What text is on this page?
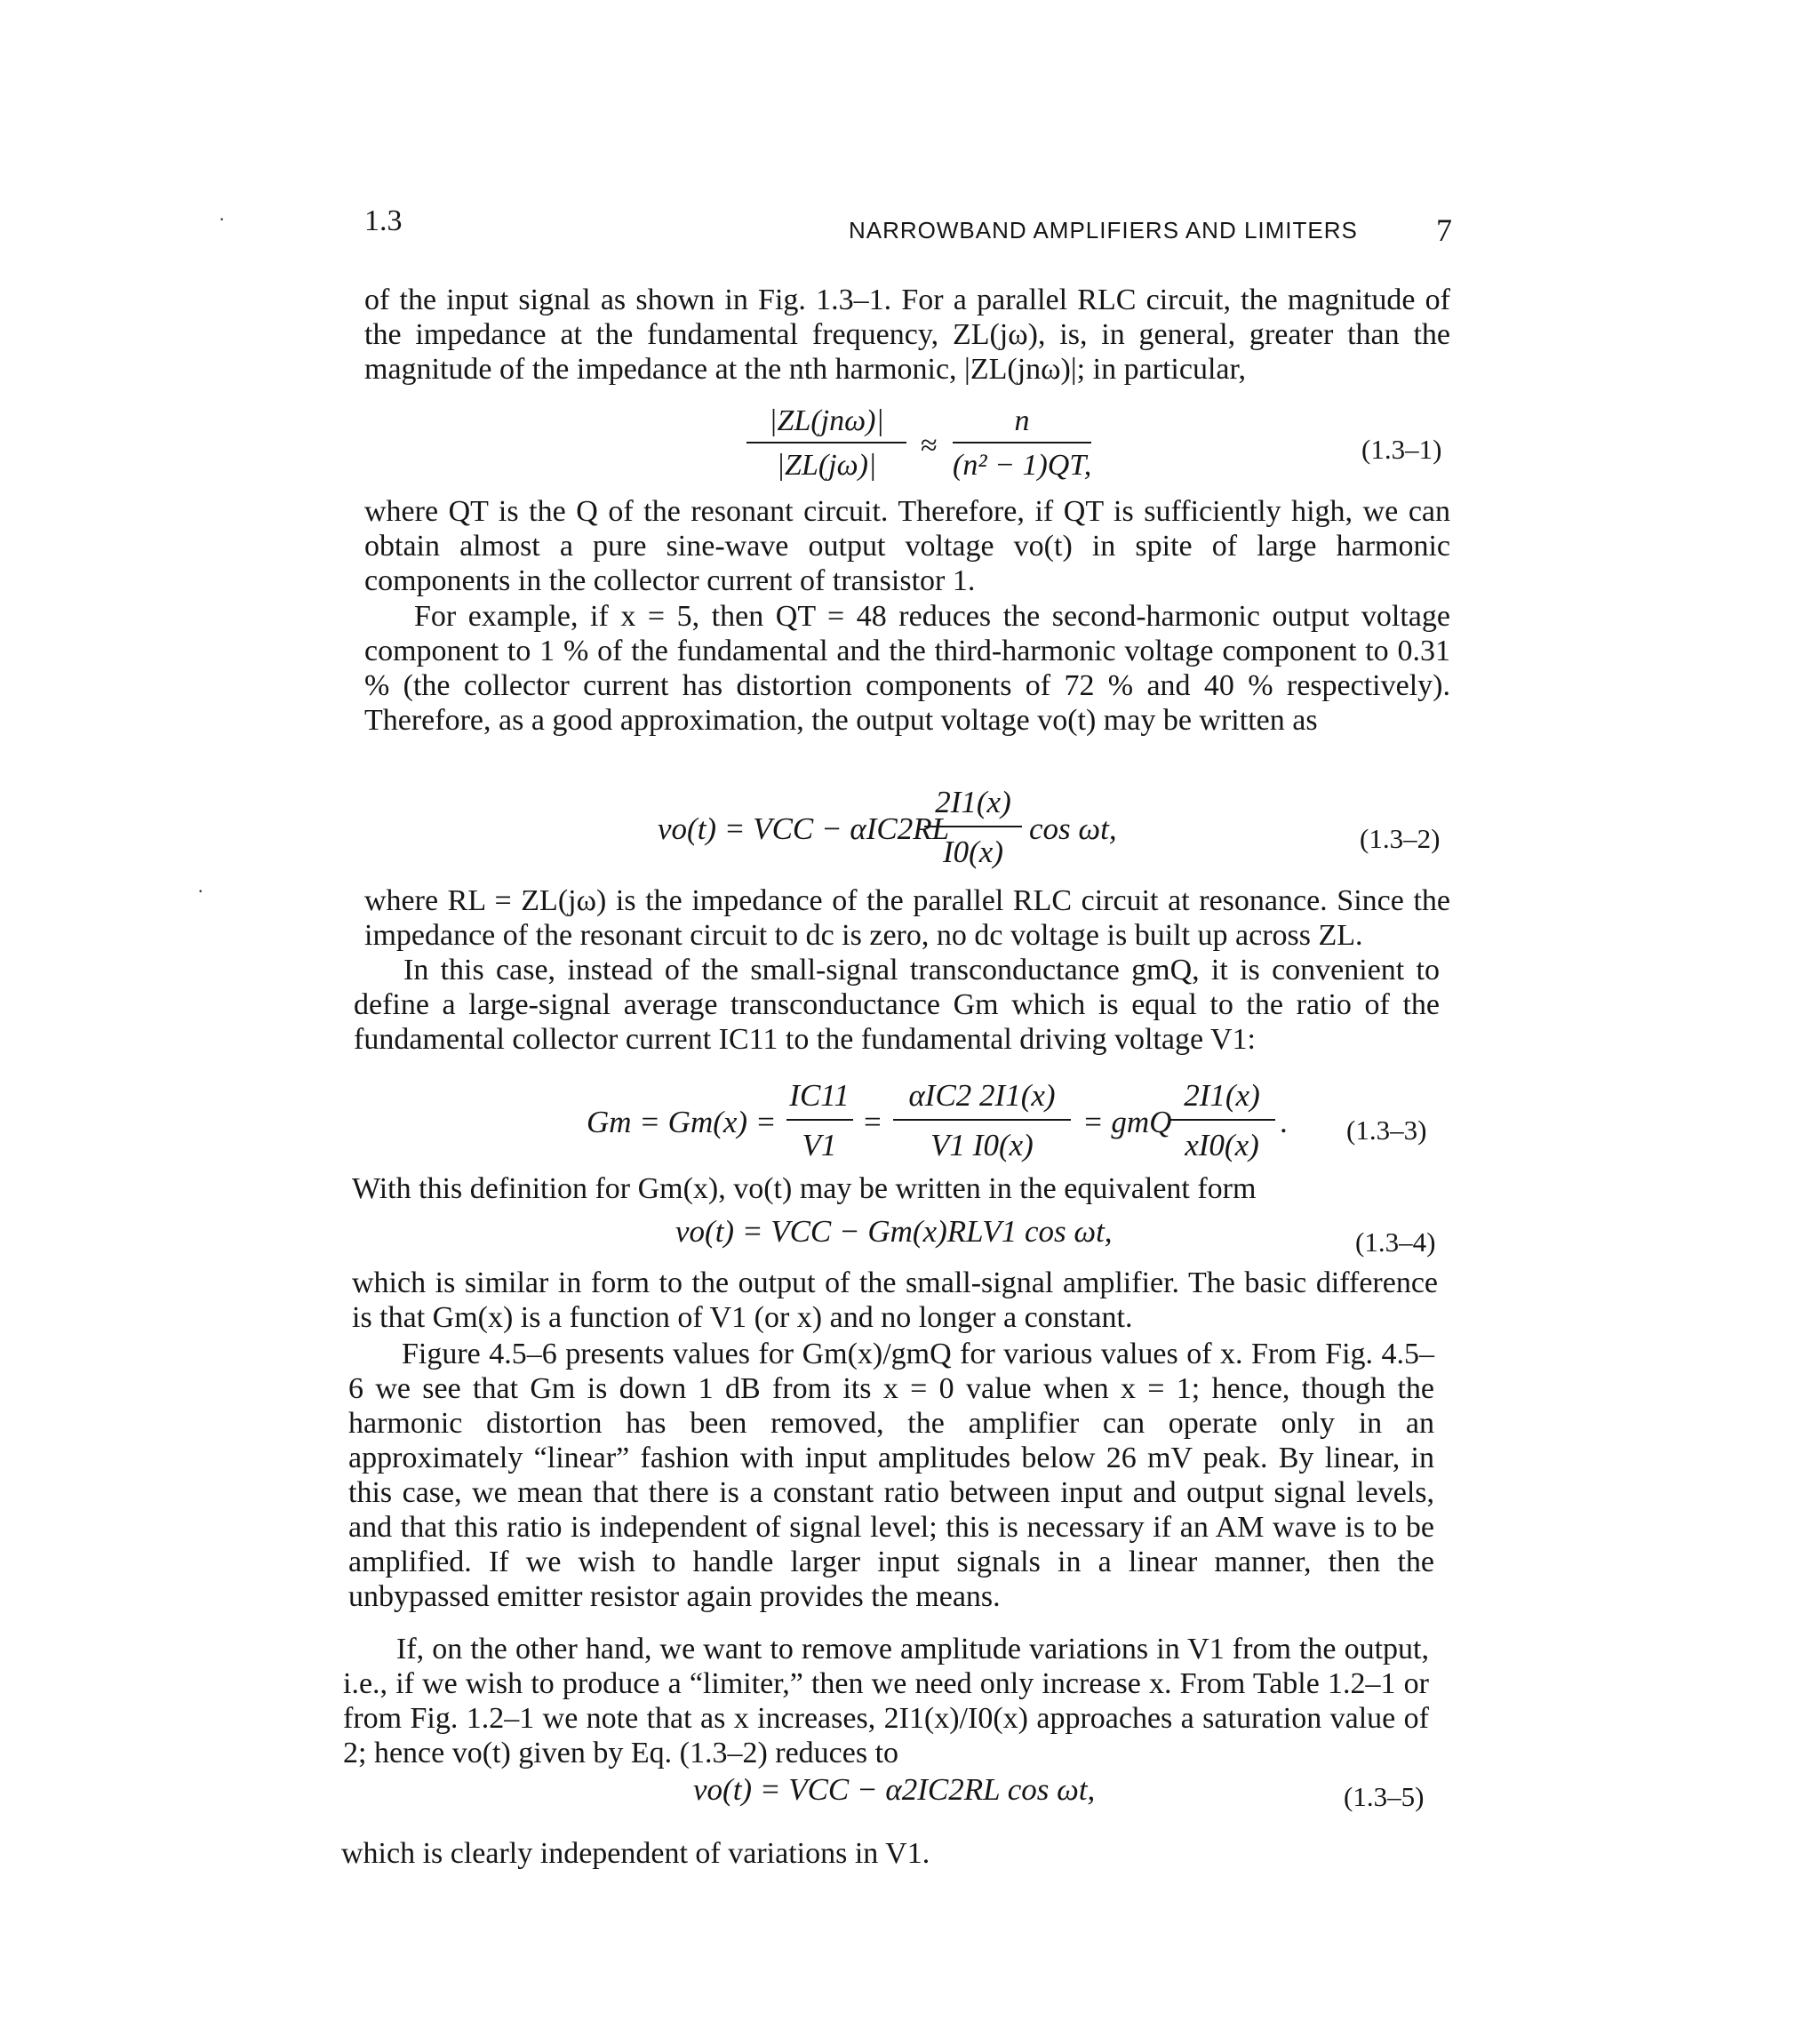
·
·
1.3	NARROWBAND AMPLIFIERS AND LIMITERS 7

of the input signal as shown in Fig. 1.3–1. For a parallel RLC circuit, the magnitude of the impedance at the fundamental frequency, ZL(jω), is, in general, greater than the magnitude of the impedance at the nth harmonic, |ZL(jnω)|; in particular,

|ZL(jnω)|
|ZL(jω)|
≈
n
(n² − 1)QT,	(1.3–1)

where QT is the Q of the resonant circuit. Therefore, if QT is sufficiently high, we can obtain almost a pure sine-wave output voltage vo(t) in spite of large harmonic components in the collector current of transistor 1.

For example, if x = 5, then QT = 48 reduces the second-harmonic output voltage component to 1 % of the fundamental and the third-harmonic voltage component to 0.31 % (the collector current has distortion components of 72 % and 40 % respectively). Therefore, as a good approximation, the output voltage vo(t) may be written as

vo(t) = VCC − αIC2RL
2I1(x)
I0(x)
cos ωt,	(1.3–2)

where RL = ZL(jω) is the impedance of the parallel RLC circuit at resonance. Since the impedance of the resonant circuit to dc is zero, no dc voltage is built up across ZL.

In this case, instead of the small-signal transconductance gmQ, it is convenient to define a large-signal average transconductance Gm which is equal to the ratio of the fundamental collector current IC11 to the fundamental driving voltage V1:

Gm = Gm(x) =
IC11
V1
=
αIC2 2I1(x)
V1 I0(x)
= gmQ
2I1(x)
xI0(x)
. (1.3–3)

With this definition for Gm(x), vo(t) may be written in the equivalent form

vo(t) = VCC − Gm(x)RLV1 cos ωt,	(1.3–4)

which is similar in form to the output of the small-signal amplifier. The basic difference is that Gm(x) is a function of V1 (or x) and no longer a constant.

Figure 4.5–6 presents values for Gm(x)/gmQ for various values of x. From Fig. 4.5–6 we see that Gm is down 1 dB from its x = 0 value when x = 1; hence, though the harmonic distortion has been removed, the amplifier can operate only in an approximately “linear” fashion with input amplitudes below 26 mV peak. By linear, in this case, we mean that there is a constant ratio between input and output signal levels, and that this ratio is independent of signal level; this is necessary if an AM wave is to be amplified. If we wish to handle larger input signals in a linear manner, then the unbypassed emitter resistor again provides the means.

If, on the other hand, we want to remove amplitude variations in V1 from the output, i.e., if we wish to produce a “limiter,” then we need only increase x. From Table 1.2–1 or from Fig. 1.2–1 we note that as x increases, 2I1(x)/I0(x) approaches a saturation value of 2; hence vo(t) given by Eq. (1.3–2) reduces to

vo(t) = VCC − α2IC2RL cos ωt,	(1.3–5)

which is clearly independent of variations in V1.
